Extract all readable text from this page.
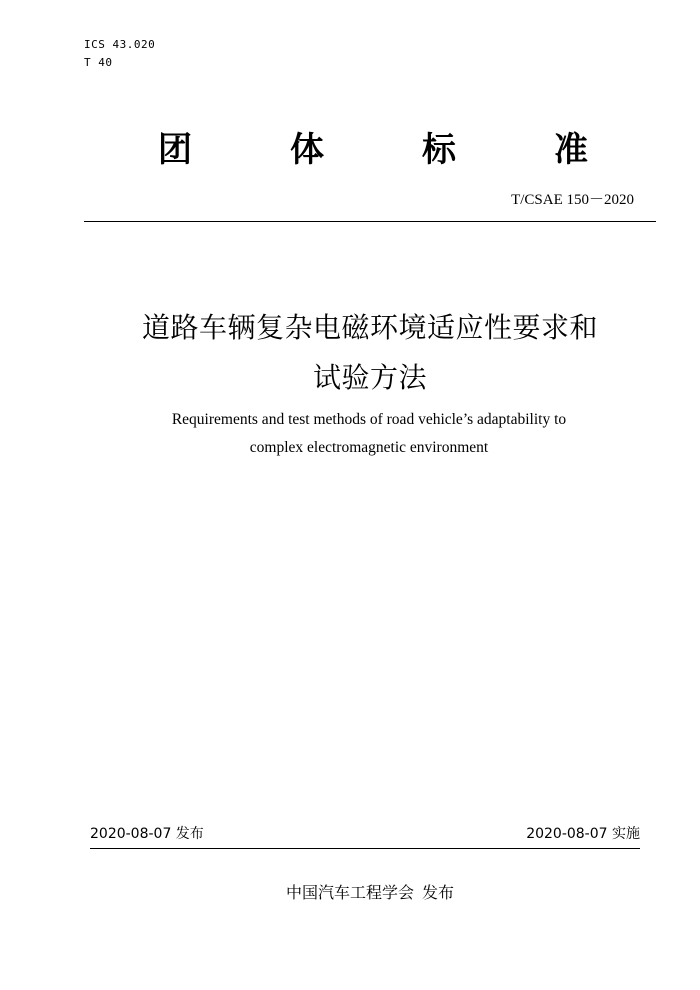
ICS 43.020
T 40
团	体	标	准
T/CSAE 150－2020
道路车辆复杂电磁环境适应性要求和
试验方法
Requirements and test methods of road vehicle’s adaptability to
complex electromagnetic environment
2020-08-07 发布	2020-08-07 实施
中国汽车工程学会 发布
